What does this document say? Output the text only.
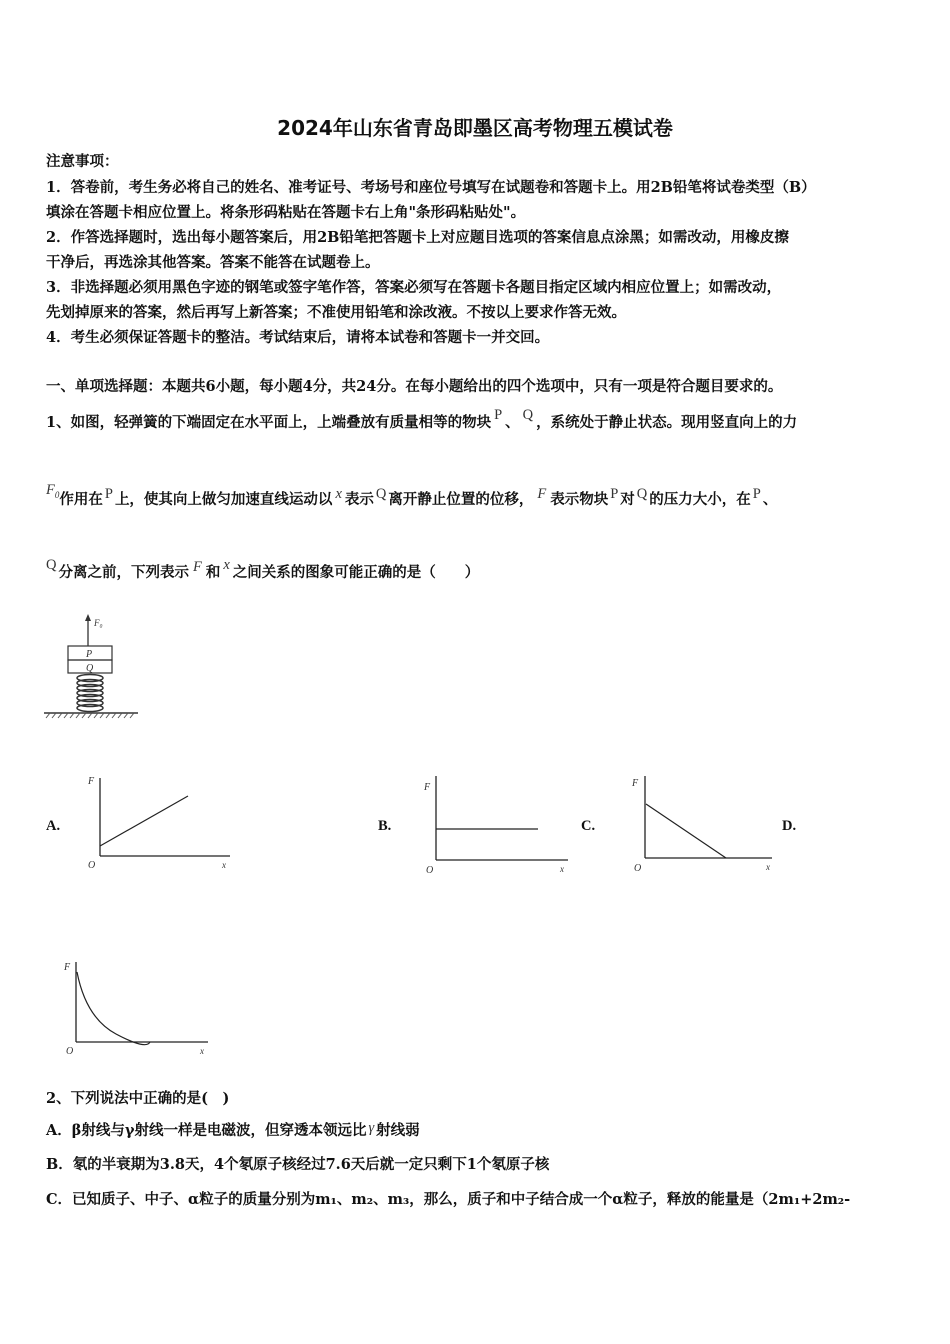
2024年山东省青岛即墨区高考物理五模试卷
注意事项：
1．答卷前，考生务必将自己的姓名、准考证号、考场号和座位号填写在试题卷和答题卡上。用2B铅笔将试卷类型（B）
填涂在答题卡相应位置上。将条形码粘贴在答题卡右上角"条形码粘贴处"。
2．作答选择题时，选出每小题答案后，用2B铅笔把答题卡上对应题目选项的答案信息点涂黑；如需改动，用橡皮擦
干净后，再选涂其他答案。答案不能答在试题卷上。
3．非选择题必须用黑色字迹的钢笔或签字笔作答，答案必须写在答题卡各题目指定区域内相应位置上；如需改动，
先划掉原来的答案，然后再写上新答案；不准使用铅笔和涂改液。不按以上要求作答无效。
4．考生必须保证答题卡的整洁。考试结束后，请将本试卷和答题卡一并交回。
一、单项选择题：本题共6小题，每小题4分，共24分。在每小题给出的四个选项中，只有一项是符合题目要求的。
1、如图，轻弹簧的下端固定在水平面上，上端叠放有质量相等的物块 P 、 Q ，系统处于静止状态。现用竖直向上的力
$F_0$作用在 P 上，使其向上做匀加速直线运动以 x 表示 Q 离开静止位置的位移， F 表示物块 P 对 Q 的压力大小，在 P 、
Q 分离之前，下列表示 F 和 x 之间关系的图象可能正确的是（　　）
F₀
P
Q
A.	B.	C.	D.
F
O	x
F
O	x
F
O	x
F
O	x
2、下列说法中正确的是(　)
A．β射线与γ射线一样是电磁波，但穿透本领远比 γ 射线弱
B．氡的半衰期为3.8天，4个氡原子核经过7.6天后就一定只剩下1个氡原子核
C．已知质子、中子、α粒子的质量分别为m₁、m₂、m₃，那么，质子和中子结合成一个α粒子，释放的能量是（2m₁+2m₂-
